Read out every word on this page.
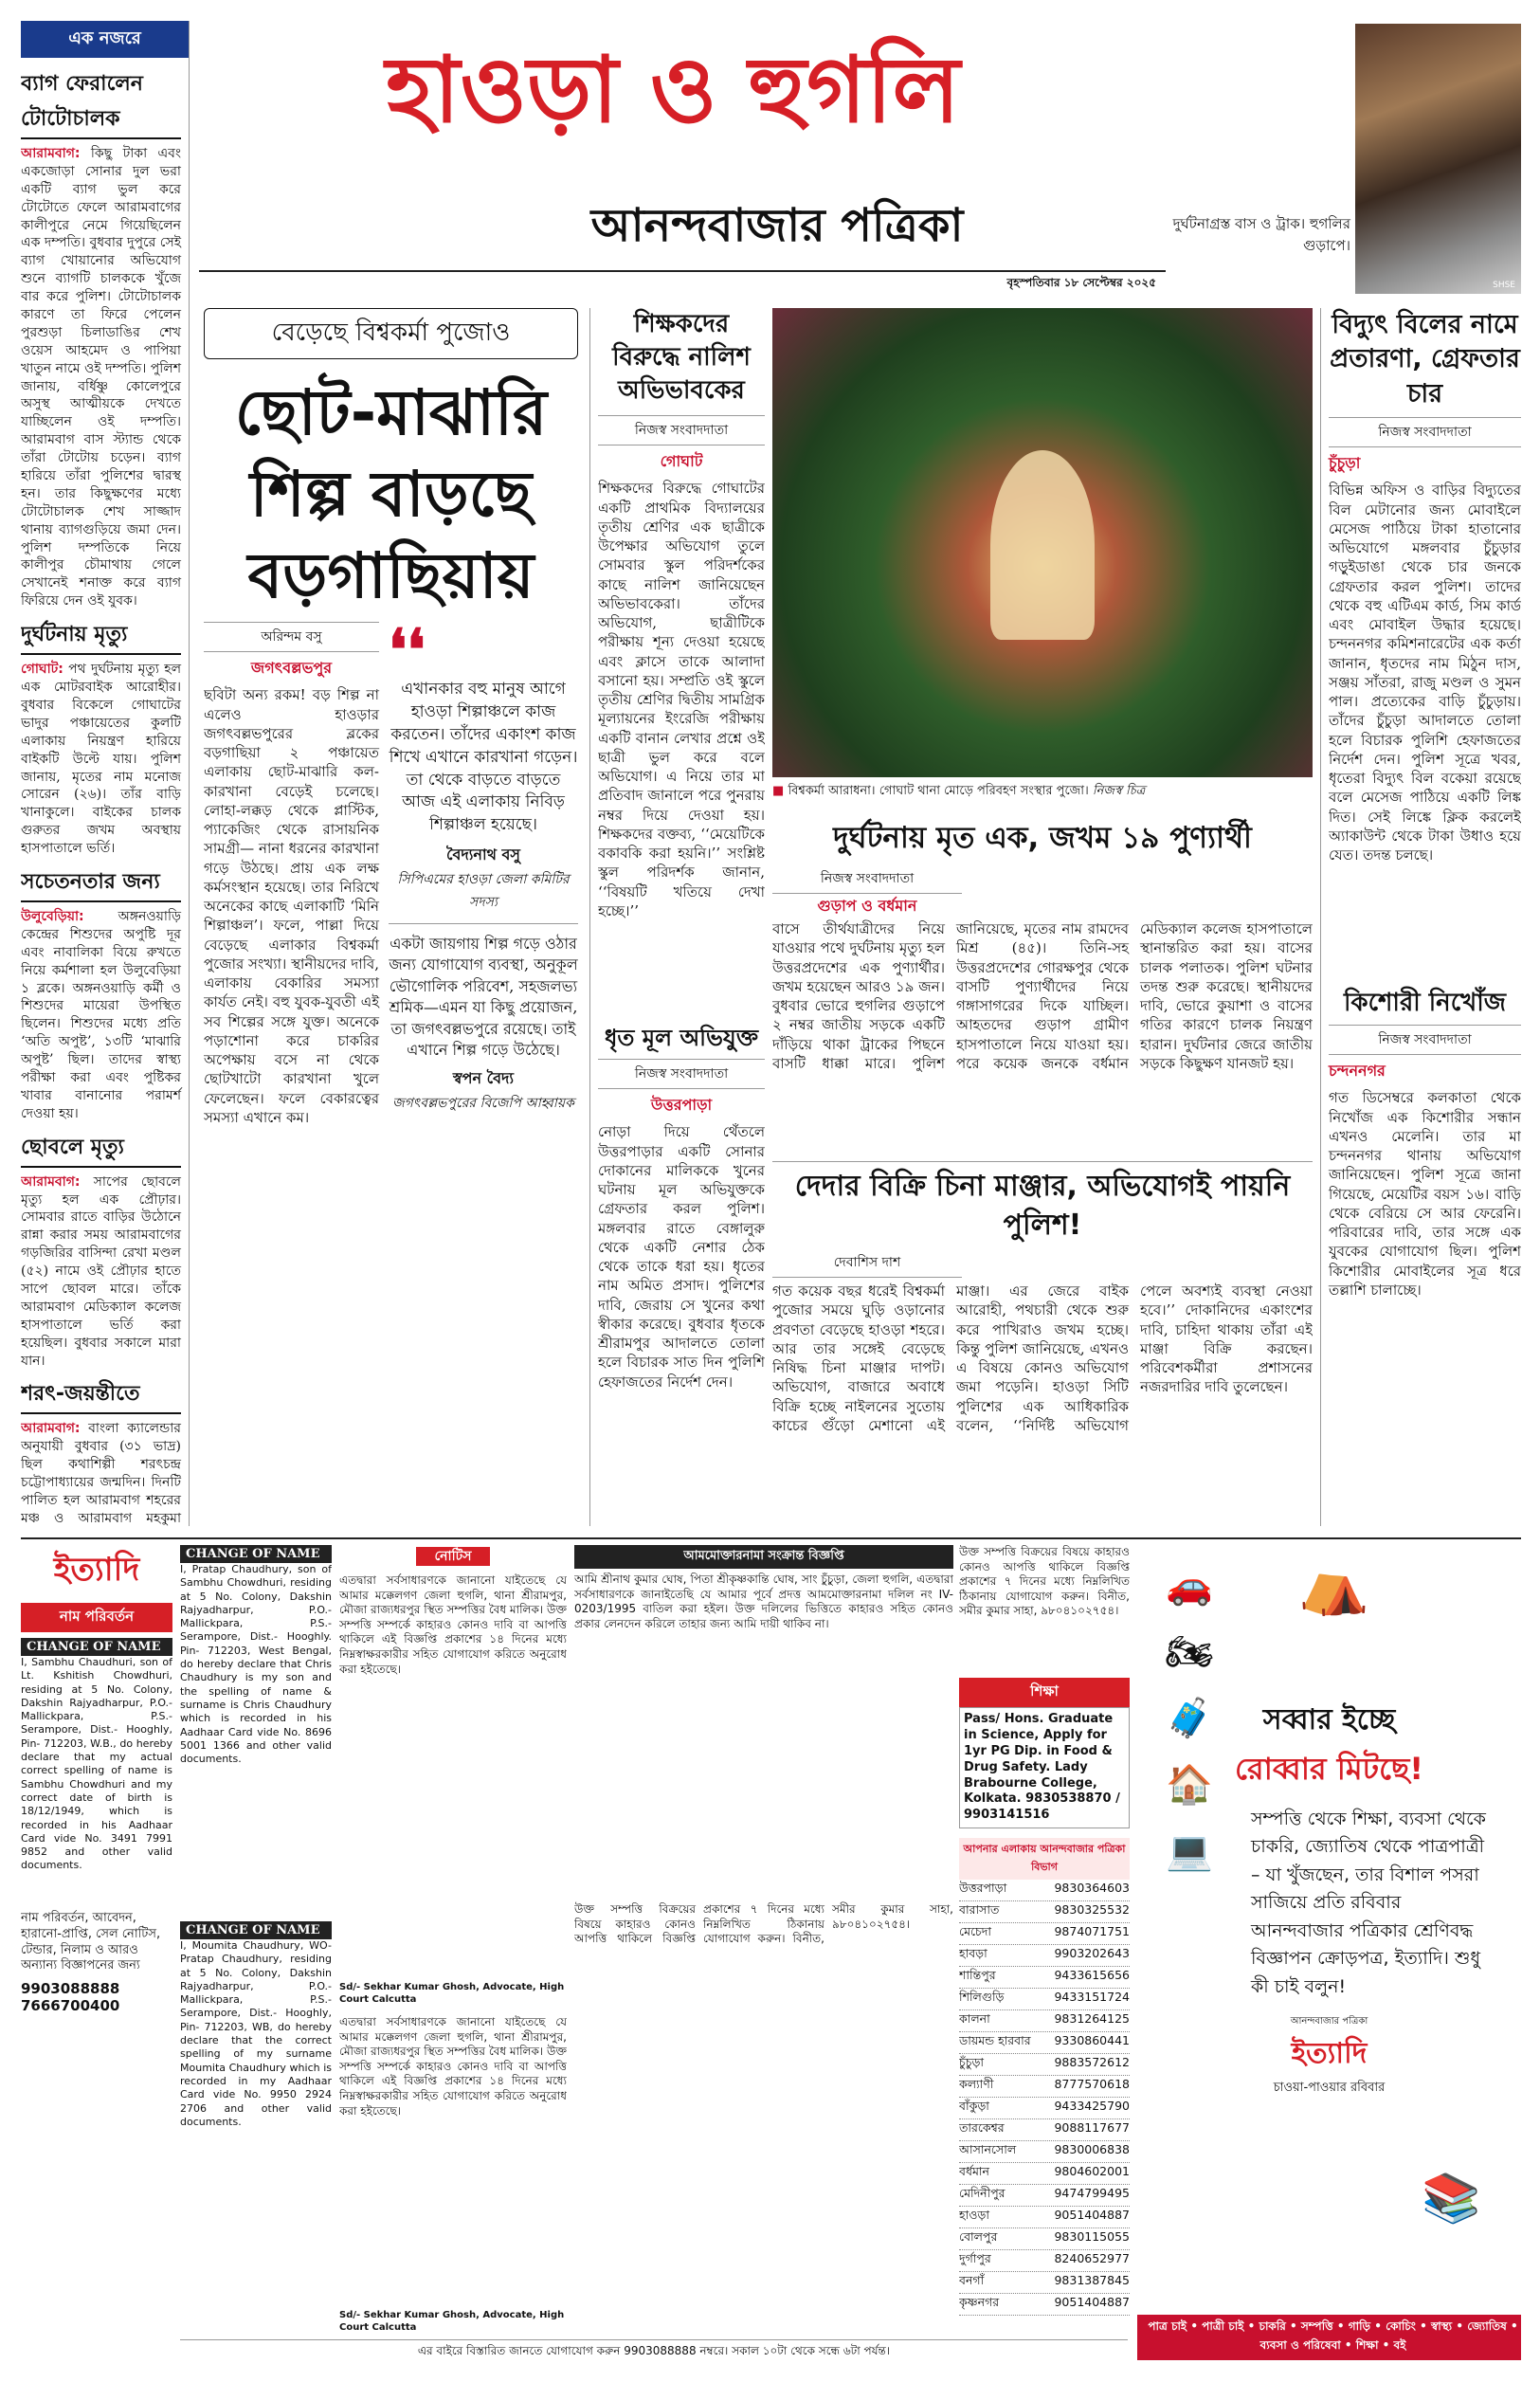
এক নজরে
ব্যাগ ফেরালেন টোটোচালক
আরামবাগ: কিছু টাকা এবং একজোড়া সোনার দুল ভরা একটি ব্যাগ ভুল করে টোটোতে ফেলে আরামবাগের কালীপুরে নেমে গিয়েছিলেন এক দম্পতি। বুধবার দুপুরে সেই ব্যাগ খোয়ানোর অভিযোগ শুনে ব্যাগটি চালককে খুঁজে বার করে পুলিশ। টোটোচালক কারণে তা ফিরে পেলেন পুরশুড়া চিলাডাঙির শেখ ওয়েস আহমেদ ও পাপিয়া খাতুন নামে ওই দম্পতি। পুলিশ জানায়, বর্ধিষ্ণু কোলেপুরে অসুস্থ আত্মীয়কে দেখতে যাচ্ছিলেন ওই দম্পতি। আরামবাগ বাস স্ট্যান্ড থেকে তাঁরা টোটোয় চড়েন। ব্যাগ হারিয়ে তাঁরা পুলিশের দ্বারস্থ হন। তার কিছুক্ষণের মধ্যে টোটোচালক শেখ সাজ্জাদ থানায় ব্যাগগুড়িয়ে জমা দেন। পুলিশ দম্পতিকে নিয়ে কালীপুর চৌমাথায় গেলে সেখানেই শনাক্ত করে ব্যাগ ফিরিয়ে দেন ওই যুবক।
দুর্ঘটনায় মৃত্যু
গোঘাট: পথ দুর্ঘটনায় মৃত্যু হল এক মোটরবাইক আরোহীর। বুধবার বিকেলে গোঘাটের ভাদুর পঞ্চায়েতের কুলটি এলাকায় নিয়ন্ত্রণ হারিয়ে বাইকটি উল্টে যায়। পুলিশ জানায়, মৃতের নাম মনোজ সোরেন (২৬)। তাঁর বাড়ি খানাকুলে। বাইকের চালক গুরুতর জখম অবস্থায় হাসপাতালে ভর্তি।
সচেতনতার জন্য
উলুবেড়িয়া:	অঙ্গনওয়াড়ি কেন্দ্রের শিশুদের অপুষ্টি দূর এবং নাবালিকা বিয়ে রুখতে নিয়ে কর্মশালা হল উলুবেড়িয়া ১ ব্লকে। অঙ্গনওয়াড়ি কর্মী ও শিশুদের মায়েরা উপস্থিত ছিলেন। শিশুদের মধ্যে প্রতি ‘অতি অপুষ্ট’, ১৩টি ‘মাঝারি অপুষ্ট’ ছিল। তাদের স্বাস্থ্য পরীক্ষা করা এবং পুষ্টিকর খাবার বানানোর পরামর্শ দেওয়া হয়।
ছোবলে মৃত্যু
আরামবাগ: সাপের ছোবলে মৃত্যু হল এক প্রৌঢ়ার। সোমবার রাতে বাড়ির উঠোনে রান্না করার সময় আরামবাগের গড়জিরির বাসিন্দা রেখা মণ্ডল (৫২) নামে ওই প্রৌঢ়ার হাতে সাপে ছোবল মারে। তাঁকে আরামবাগ মেডিক্যাল কলেজ হাসপাতালে ভর্তি করা হয়েছিল। বুধবার সকালে মারা যান।
শরৎ-জয়ন্তীতে
আরামবাগ: বাংলা ক্যালেন্ডার অনুযায়ী বুধবার (৩১ ভাদ্র) ছিল কথাশিল্পী শরৎচন্দ্র চট্টোপাধ্যায়ের জন্মদিন। দিনটি পালিত হল আরামবাগ শহরের মঞ্চ ও আরামবাগ মহকুমা
হাওড়া ও হুগলি
আনন্দবাজার পত্রিকা
বৃহস্পতিবার ১৮ সেপ্টেম্বর ২০২৫	SHSE
দুর্ঘটনাগ্রস্ত বাস ও ট্রাক। হুগলির গুড়াপে।
বেড়েছে বিশ্বকর্মা পুজোও
ছোট-মাঝারি শিল্প বাড়ছে বড়গাছিয়ায়
অরিন্দম বসু
জগৎবল্লভপুর
ছবিটা অন্য রকম! বড় শিল্প না এলেও হাওড়ার জগৎবল্লভপুরের ব্লকের বড়গাছিয়া ২ পঞ্চায়েত এলাকায় ছোট-মাঝারি কল-কারখানা বেড়েই চলেছে। লোহা-লক্কড় থেকে প্লাস্টিক, প্যাকেজিং থেকে রাসায়নিক সামগ্রী— নানা ধরনের কারখানা গড়ে উঠছে। প্রায় এক লক্ষ কর্মসংস্থান হয়েছে। তার নিরিখে অনেকের কাছে এলাকাটি ‘মিনি শিল্পাঞ্চল’। ফলে, পাল্লা দিয়ে বেড়েছে এলাকার বিশ্বকর্মা পুজোর সংখ্যা। স্থানীয়দের দাবি, এলাকায় বেকারির সমস্যা কার্যত নেই। বহু যুবক-যুবতী এই সব শিল্পের সঙ্গে যুক্ত। অনেকে পড়াশোনা করে চাকরির অপেক্ষায় বসে না থেকে ছোটখাটো কারখানা খুলে ফেলেছেন। ফলে বেকারত্বের সমস্যা এখানে কম।
❛❛
এখানকার বহু মানুষ আগে হাওড়া শিল্পাঞ্চলে কাজ করতেন। তাঁদের একাংশ কাজ শিখে এখানে কারখানা গড়েন। তা থেকে বাড়তে বাড়তে আজ এই এলাকায় নিবিড় শিল্পাঞ্চল হয়েছে।
বৈদ্যনাথ বসু
সিপিএমের হাওড়া জেলা কমিটির সদস্য
একটা জায়গায় শিল্প গড়ে ওঠার জন্য যোগাযোগ ব্যবস্থা, অনুকূল ভৌগোলিক পরিবেশ, সহজলভ্য শ্রমিক—এমন যা কিছু প্রয়োজন, তা জগৎবল্লভপুরে রয়েছে। তাই এখানে শিল্প গড়ে উঠেছে।
স্বপন বৈদ্য
জগৎবল্লভপুরের বিজেপি আহ্বায়ক
শিক্ষকদের বিরুদ্ধে নালিশ অভিভাবকের
নিজস্ব সংবাদদাতা
গোঘাট
শিক্ষকদের বিরুদ্ধে গোঘাটের একটি প্রাথমিক বিদ্যালয়ের তৃতীয় শ্রেণির এক ছাত্রীকে উপেক্ষার অভিযোগ তুলে সোমবার স্কুল পরিদর্শকের কাছে নালিশ জানিয়েছেন অভিভাবকেরা। তাঁদের অভিযোগ, ছাত্রীটিকে পরীক্ষায় শূন্য দেওয়া হয়েছে এবং ক্লাসে তাকে আলাদা বসানো হয়। সম্প্রতি ওই স্কুলে তৃতীয় শ্রেণির দ্বিতীয় সামগ্রিক মূল্যায়নের ইংরেজি পরীক্ষায় একটি বানান লেখার প্রশ্নে ওই ছাত্রী ভুল করে বলে অভিযোগ। এ নিয়ে তার মা প্রতিবাদ জানালে পরে পুনরায় নম্বর দিয়ে দেওয়া হয়। শিক্ষকদের বক্তব্য, ‘‘মেয়েটিকে বকাবকি করা হয়নি।’’ সংশ্লিষ্ট স্কুল পরিদর্শক জানান, ‘‘বিষয়টি খতিয়ে দেখা হচ্ছে।’’
ধৃত মূল অভিযুক্ত
নিজস্ব সংবাদদাতা
উত্তরপাড়া
নোড়া দিয়ে থেঁতলে উত্তরপাড়ার একটি সোনার দোকানের মালিককে খুনের ঘটনায় মূল অভিযুক্তকে গ্রেফতার করল পুলিশ। মঙ্গলবার রাতে বেঙ্গালুরু থেকে একটি নেশার ঠেক থেকে তাকে ধরা হয়। ধৃতের নাম অমিত প্রসাদ। পুলিশের দাবি, জেরায় সে খুনের কথা স্বীকার করেছে। বুধবার ধৃতকে শ্রীরামপুর আদালতে তোলা হলে বিচারক সাত দিন পুলিশি হেফাজতের নির্দেশ দেন।
■ বিশ্বকর্মা আরাধনা। গোঘাট থানা মোড়ে পরিবহণ সংস্থার পুজো। নিজস্ব চিত্র
দুর্ঘটনায় মৃত এক, জখম ১৯ পুণ্যার্থী
নিজস্ব সংবাদদাতা
গুড়াপ ও বর্ধমান
বাসে তীর্থযাত্রীদের নিয়ে যাওয়ার পথে দুর্ঘটনায় মৃত্যু হল উত্তরপ্রদেশের এক পুণ্যার্থীর। জখম হয়েছেন আরও ১৯ জন। বুধবার ভোরে হুগলির গুড়াপে ২ নম্বর জাতীয় সড়কে একটি দাঁড়িয়ে থাকা ট্রাকের পিছনে বাসটি ধাক্কা মারে। পুলিশ জানিয়েছে, মৃতের নাম রামদেব মিশ্র (৪৫)। তিনি-সহ উত্তরপ্রদেশের গোরক্ষপুর থেকে বাসটি পুণ্যার্থীদের নিয়ে গঙ্গাসাগরের দিকে যাচ্ছিল। আহতদের গুড়াপ গ্রামীণ হাসপাতালে নিয়ে যাওয়া হয়। পরে কয়েক জনকে বর্ধমান মেডিক্যাল কলেজ হাসপাতালে স্থানান্তরিত করা হয়। বাসের চালক পলাতক। পুলিশ ঘটনার তদন্ত শুরু করেছে। স্থানীয়দের দাবি, ভোরে কুয়াশা ও বাসের গতির কারণে চালক নিয়ন্ত্রণ হারান। দুর্ঘটনার জেরে জাতীয় সড়কে কিছুক্ষণ যানজট হয়।
দেদার বিক্রি চিনা মাঞ্জার, অভিযোগই পায়নি পুলিশ!
দেবাশিস দাশ
গত কয়েক বছর ধরেই বিশ্বকর্মা পুজোর সময়ে ঘুড়ি ওড়ানোর প্রবণতা বেড়েছে হাওড়া শহরে। আর তার সঙ্গেই বেড়েছে নিষিদ্ধ চিনা মাঞ্জার দাপট। অভিযোগ, বাজারে অবাধে বিক্রি হচ্ছে নাইলনের সুতোয় কাচের গুঁড়ো মেশানো এই মাঞ্জা। এর জেরে বাইক আরোহী, পথচারী থেকে শুরু করে পাখিরাও জখম হচ্ছে। কিন্তু পুলিশ জানিয়েছে, এখনও এ বিষয়ে কোনও অভিযোগ জমা পড়েনি। হাওড়া সিটি পুলিশের এক আধিকারিক বলেন, ‘‘নির্দিষ্ট অভিযোগ পেলে অবশ্যই ব্যবস্থা নেওয়া হবে।’’ দোকানিদের একাংশের দাবি, চাহিদা থাকায় তাঁরা এই মাঞ্জা বিক্রি করছেন। পরিবেশকর্মীরা প্রশাসনের নজরদারির দাবি তুলেছেন।
বিদ্যুৎ বিলের নামে প্রতারণা, গ্রেফতার চার
নিজস্ব সংবাদদাতা
চুঁচুড়া
বিভিন্ন অফিস ও বাড়ির বিদ্যুতের বিল মেটানোর জন্য মোবাইলে মেসেজ পাঠিয়ে টাকা হাতানোর অভিযোগে মঙ্গলবার চুঁচুড়ার গড়ুইডাঙা থেকে চার জনকে গ্রেফতার করল পুলিশ। তাদের থেকে বহু এটিএম কার্ড, সিম কার্ড এবং মোবাইল উদ্ধার হয়েছে। চন্দননগর কমিশনারেটের এক কর্তা জানান, ধৃতদের নাম মিঠুন দাস, সঞ্জয় সাঁতরা, রাজু মণ্ডল ও সুমন পাল। প্রত্যেকের বাড়ি চুঁচুড়ায়। তাঁদের চুঁচুড়া আদালতে তোলা হলে বিচারক পুলিশি হেফাজতের নির্দেশ দেন। পুলিশ সূত্রে খবর, ধৃতেরা বিদ্যুৎ বিল বকেয়া রয়েছে বলে মেসেজ পাঠিয়ে একটি লিঙ্ক দিত। সেই লিঙ্কে ক্লিক করলেই অ্যাকাউন্ট থেকে টাকা উধাও হয়ে যেত। তদন্ত চলছে।
কিশোরী নিখোঁজ
নিজস্ব সংবাদদাতা
চন্দননগর
গত ডিসেম্বরে কলকাতা থেকে নিখোঁজ এক কিশোরীর সন্ধান এখনও মেলেনি। তার মা চন্দননগর থানায় অভিযোগ জানিয়েছেন। পুলিশ সূত্রে জানা গিয়েছে, মেয়েটির বয়স ১৬। বাড়ি থেকে বেরিয়ে সে আর ফেরেনি। পরিবারের দাবি, তার সঙ্গে এক যুবকের যোগাযোগ ছিল। পুলিশ কিশোরীর মোবাইলের সূত্র ধরে তল্লাশি চালাচ্ছে।
ইত্যাদি
নাম পরিবর্তন
CHANGE OF NAME
I, Sambhu Chaudhuri, son of Lt. Kshitish Chowdhuri, residing at 5 No. Colony, Dakshin Rajyadharpur, P.O.- Mallickpara, P.S.- Serampore, Dist.- Hooghly, Pin- 712203, W.B., do hereby declare that my actual correct spelling of name is Sambhu Chowdhuri and my correct date of birth is 18/12/1949, which is recorded in his Aadhaar Card vide No. 3491 7991 9852 and other valid documents.
নাম পরিবর্তন, আবেদন, হারানো-প্রাপ্তি, সেল নোটিস, টেন্ডার, নিলাম ও আরও অন্যান্য বিজ্ঞাপনের জন্য
9903088888
7666700400
CHANGE OF NAME
I, Pratap Chaudhury, son of Sambhu Chowdhuri, residing at 5 No. Colony, Dakshin Rajyadharpur, P.O.- Mallickpara, P.S.- Serampore, Dist.- Hooghly. Pin- 712203, West Bengal, do hereby declare that Chris Chaudhury is my son and the spelling of name & surname is Chris Chaudhury which is recorded in his Aadhaar Card vide No. 8696 5001 1366 and other valid documents.
CHANGE OF NAME
I, Moumita Chaudhury, WO- Pratap Chaudhury, residing at 5 No. Colony, Dakshin Rajyadharpur, P.O.- Mallickpara, P.S.- Serampore, Dist.- Hooghly, Pin- 712203, WB, do hereby declare that the correct spelling of my surname Moumita Chaudhury which is recorded in my Aadhaar Card vide No. 9950 2924 2706 and other valid documents.
নোটিস
এতদ্বারা সর্বসাধারণকে জানানো যাইতেছে যে আমার মক্কেলগণ জেলা হুগলি, থানা শ্রীরামপুর, মৌজা রাজ্যধরপুর স্থিত সম্পত্তির বৈধ মালিক। উক্ত সম্পত্তি সম্পর্কে কাহারও কোনও দাবি বা আপত্তি থাকিলে এই বিজ্ঞপ্তি প্রকাশের ১৪ দিনের মধ্যে নিম্নস্বাক্ষরকারীর সহিত যোগাযোগ করিতে অনুরোধ করা হইতেছে।
Sd/- Sekhar Kumar Ghosh, Advocate, High Court Calcutta
এতদ্বারা সর্বসাধারণকে জানানো যাইতেছে যে আমার মক্কেলগণ জেলা হুগলি, থানা শ্রীরামপুর, মৌজা রাজ্যধরপুর স্থিত সম্পত্তির বৈধ মালিক। উক্ত সম্পত্তি সম্পর্কে কাহারও কোনও দাবি বা আপত্তি থাকিলে এই বিজ্ঞপ্তি প্রকাশের ১৪ দিনের মধ্যে নিম্নস্বাক্ষরকারীর সহিত যোগাযোগ করিতে অনুরোধ করা হইতেছে।
Sd/- Sekhar Kumar Ghosh, Advocate, High Court Calcutta
আমমোক্তারনামা সংক্রান্ত বিজ্ঞপ্তি
আমি শ্রীনাথ কুমার ঘোষ, পিতা শ্রীকৃষ্ণকান্তি ঘোষ, সাং চুঁচুড়া, জেলা হুগলি, এতদ্বারা সর্বসাধারণকে জানাইতেছি যে আমার পূর্বে প্রদত্ত আমমোক্তারনামা দলিল নং IV-0203/1995 বাতিল করা হইল। উক্ত দলিলের ভিত্তিতে কাহারও সহিত কোনও প্রকার লেনদেন করিলে তাহার জন্য আমি দায়ী থাকিব না।
উক্ত সম্পত্তি বিক্রয়ের বিষয়ে কাহারও কোনও আপত্তি থাকিলে বিজ্ঞপ্তি প্রকাশের ৭ দিনের মধ্যে নিম্নলিখিত ঠিকানায় যোগাযোগ করুন। বিনীত, সমীর কুমার সাহা, ৯৮০৪১০২৭৫৪।
উক্ত সম্পত্তি বিক্রয়ের বিষয়ে কাহারও কোনও আপত্তি থাকিলে বিজ্ঞপ্তি প্রকাশের ৭ দিনের মধ্যে নিম্নলিখিত ঠিকানায় যোগাযোগ করুন। বিনীত, সমীর কুমার সাহা, ৯৮০৪১০২৭৫৪।
শিক্ষা
Pass/ Hons. Graduate in Science, Apply for 1yr PG Dip. in Food & Drug Safety. Lady Brabourne College, Kolkata. 9830538870 / 9903141516
আপনার এলাকায় আনন্দবাজার পত্রিকা বিভাগ
উত্তরপাড়া	9830364603
বারাসাত	9830325532
মেচেদা	9874071751
হাবড়া	9903202643
শান্তিপুর	9433615656
শিলিগুড়ি	9433151724
কালনা	9831264125
ডায়মন্ড হারবার 9330860441
চুঁচুড়া	9883572612
কল্যাণী	8777570618
বাঁকুড়া	9433425790
তারকেশ্বর	9088117677
আসানসোল	9830006838
বর্ধমান	9804602001
মেদিনীপুর	9474799495
হাওড়া	9051404887
বোলপুর	9830115055
দুর্গাপুর	8240652977
বনগাঁ	9831387845
কৃষ্ণনগর	9051404887
সব্বার ইচ্ছে
রোব্বার মিটছে!
সম্পত্তি থেকে শিক্ষা, ব্যবসা থেকে চাকরি, জ্যোতিষ থেকে পাত্রপাত্রী – যা খুঁজছেন, তার বিশাল পসরা সাজিয়ে প্রতি রবিবার আনন্দবাজার পত্রিকার শ্রেণিবদ্ধ বিজ্ঞাপন ক্রোড়পত্র, ইত্যাদি। শুধু কী চাই বলুন!
আনন্দবাজার পত্রিকা
ইত্যাদি
চাওয়া-পাওয়ার রবিবার
🚗
🏍
🧳
🏠
💻
⛺
📚
পাত্র চাই • পাত্রী চাই • চাকরি • সম্পত্তি • গাড়ি • কোচিং • স্বাস্থ্য • জ্যোতিষ • ব্যবসা ও পরিষেবা • শিক্ষা • বই
এর বাইরে বিস্তারিত জানতে যোগাযোগ করুন 9903088888 নম্বরে। সকাল ১০টা থেকে সন্ধে ৬টা পর্যন্ত।
